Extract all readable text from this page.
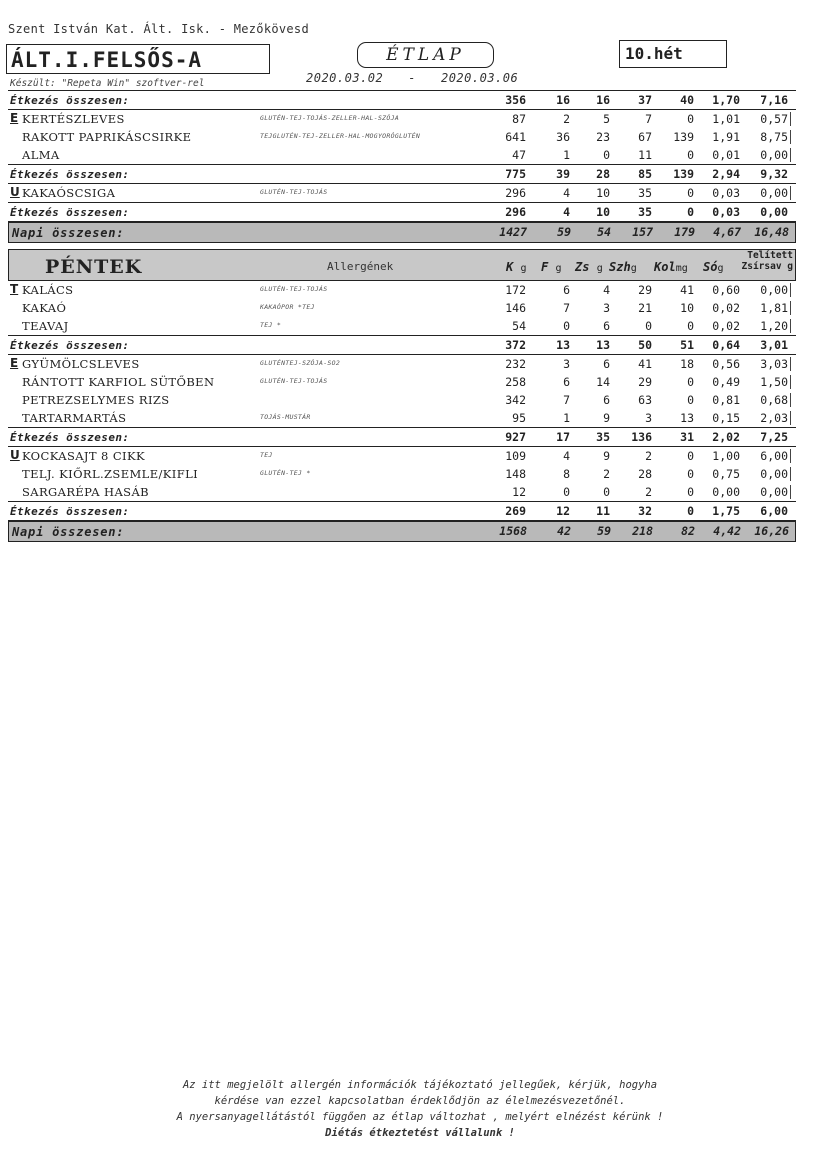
Szent István Kat. Ált. Isk. - Mezőkövesd
ÁLT.I.FELSŐS-A	ÉTLAP	10.hét
Készült: "Repeta Win" szoftver-rel	2020.03.02 - 2020.03.06
Étkezés összesen:	356	16	16	37	40	1,70	7,16
E KERTÉSZLEVES	GLUTÉN-TEJ-TOJÁS-ZELLER-HAL-SZÓJA	87	2	5	7	0	1,01	0,57
RAKOTT PAPRIKÁSCSIRKE	TEJGLUTÉN-TEJ-ZELLER-HAL-MOGYORÓGLUTÉN	641	36	23	67	139	1,91	8,75
ALMA	47	1	0	11	0	0,01	0,00
Étkezés összesen:	775	39	28	85	139	2,94	9,32
U KAKAÓSCSIGA	GLUTÉN-TEJ-TOJÁS	296	4	10	35	0	0,03	0,00
Étkezés összesen:	296	4	10	35	0	0,03	0,00
Napi összesen:	1427	59	54	157	179	4,67	16,48
PÉNTEK	Allergének	K g F g Zs g Szhg Kolmg Sóg
Telített
Zsírsav g
T KALÁCS	GLUTÉN-TEJ-TOJÁS	172	6	4	29	41	0,60	0,00
KAKAÓ	KAKAÓPOR *TEJ	146	7	3	21	10	0,02	1,81
TEAVAJ	TEJ *	54	0	6	0	0	0,02	1,20
Étkezés összesen:	372	13	13	50	51	0,64	3,01
E GYÜMÖLCSLEVES	GLUTÉNTEJ-SZÓJA-SO2	232	3	6	41	18	0,56	3,03
RÁNTOTT KARFIOL SÜTŐBEN	GLUTÉN-TEJ-TOJÁS	258	6	14	29	0	0,49	1,50
PETREZSELYMES RIZS	342	7	6	63	0	0,81	0,68
TARTARMARTÁS	TOJÁS-MUSTÁR	95	1	9	3	13	0,15	2,03
Étkezés összesen:	927	17	35	136	31	2,02	7,25
U KOCKASAJT 8 CIKK	TEJ	109	4	9	2	0	1,00	6,00
TELJ. KIŐRL.ZSEMLE/KIFLI	GLUTÉN-TEJ *	148	8	2	28	0	0,75	0,00
SARGARÉPA HASÁB	12	0	0	2	0	0,00	0,00
Étkezés összesen:	269	12	11	32	0	1,75	6,00
Napi összesen:	1568	42	59	218	82	4,42	16,26
Az itt megjelölt allergén információk tájékoztató jellegűek, kérjük, hogyha
kérdése van ezzel kapcsolatban érdeklődjön az élelmezésvezetőnél.
A nyersanyagellátástól függően az étlap változhat , melyért elnézést kérünk !
Diétás étkeztetést vállalunk !
